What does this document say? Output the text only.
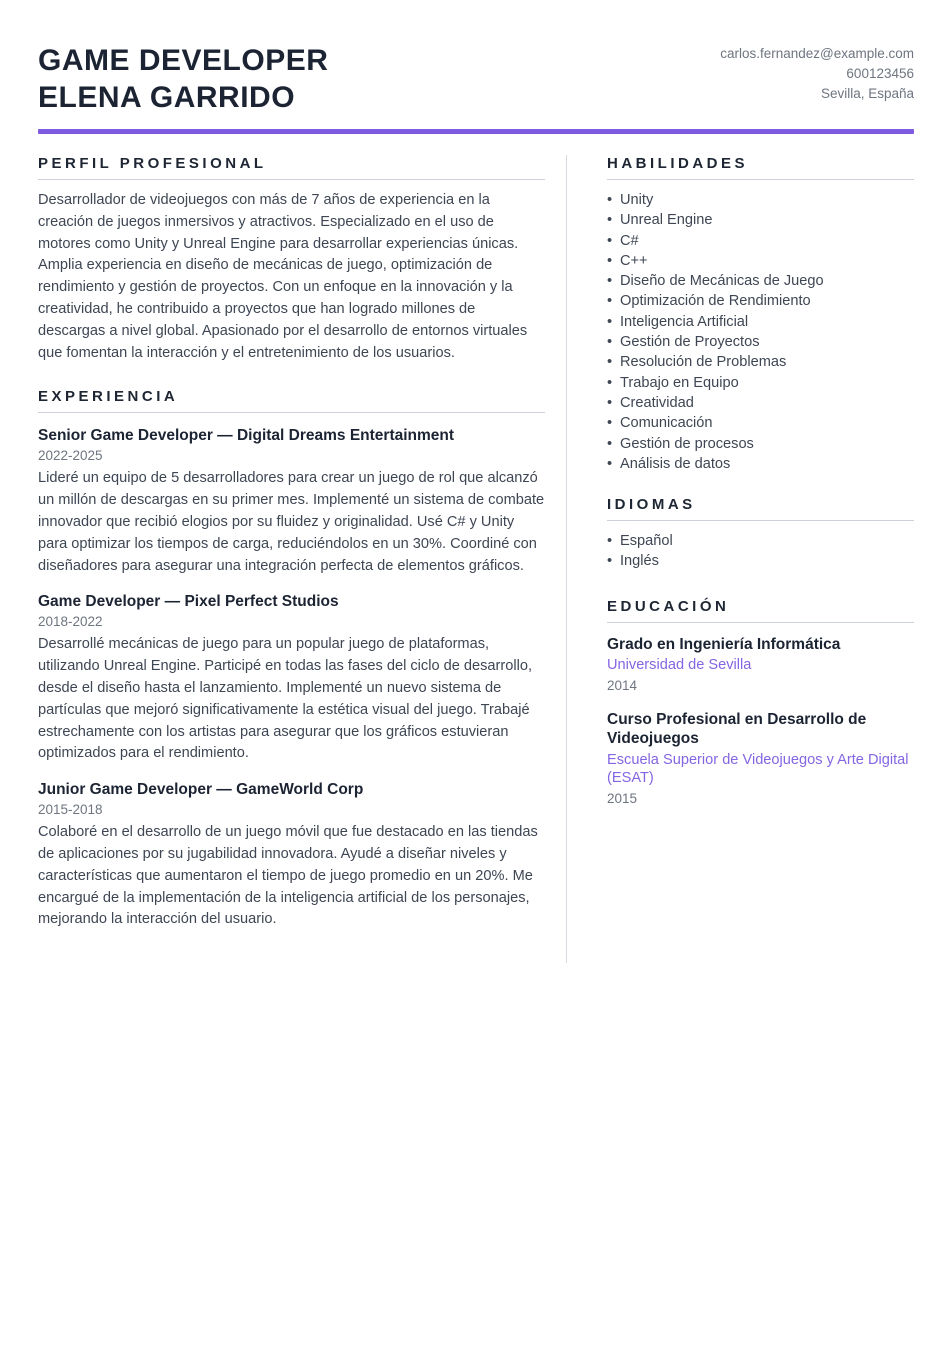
GAME DEVELOPER
ELENA GARRIDO
carlos.fernandez@example.com
600123456
Sevilla, España
PERFIL PROFESIONAL

Desarrollador de videojuegos con más de 7 años de experiencia en la creación de juegos inmersivos y atractivos. Especializado en el uso de motores como Unity y Unreal Engine para desarrollar experiencias únicas. Amplia experiencia en diseño de mecánicas de juego, optimización de rendimiento y gestión de proyectos. Con un enfoque en la innovación y la creatividad, he contribuido a proyectos que han logrado millones de descargas a nivel global. Apasionado por el desarrollo de entornos virtuales que fomentan la interacción y el entretenimiento de los usuarios.

EXPERIENCIA
Senior Game Developer — Digital Dreams Entertainment
2022-2025

Lideré un equipo de 5 desarrolladores para crear un juego de rol que alcanzó un millón de descargas en su primer mes. Implementé un sistema de combate innovador que recibió elogios por su fluidez y originalidad. Usé C# y Unity para optimizar los tiempos de carga, reduciéndolos en un 30%. Coordiné con diseñadores para asegurar una integración perfecta de elementos gráficos.

Game Developer — Pixel Perfect Studios
2018-2022

Desarrollé mecánicas de juego para un popular juego de plataformas, utilizando Unreal Engine. Participé en todas las fases del ciclo de desarrollo, desde el diseño hasta el lanzamiento. Implementé un nuevo sistema de partículas que mejoró significativamente la estética visual del juego. Trabajé estrechamente con los artistas para asegurar que los gráficos estuvieran optimizados para el rendimiento.

Junior Game Developer — GameWorld Corp
2015-2018

Colaboré en el desarrollo de un juego móvil que fue destacado en las tiendas de aplicaciones por su jugabilidad innovadora. Ayudé a diseñar niveles y características que aumentaron el tiempo de juego promedio en un 20%. Me encargué de la implementación de la inteligencia artificial de los personajes, mejorando la interacción del usuario.

HABILIDADES
• Unity
• Unreal Engine
• C#
• C++
• Diseño de Mecánicas de Juego
• Optimización de Rendimiento
• Inteligencia Artificial
• Gestión de Proyectos
• Resolución de Problemas
• Trabajo en Equipo
• Creatividad
• Comunicación
• Gestión de procesos
• Análisis de datos
IDIOMAS
• Español
• Inglés
EDUCACIÓN
Grado en Ingeniería Informática
Universidad de Sevilla
2014
Curso Profesional en Desarrollo de Videojuegos
Escuela Superior de Videojuegos y Arte Digital (ESAT)
2015
